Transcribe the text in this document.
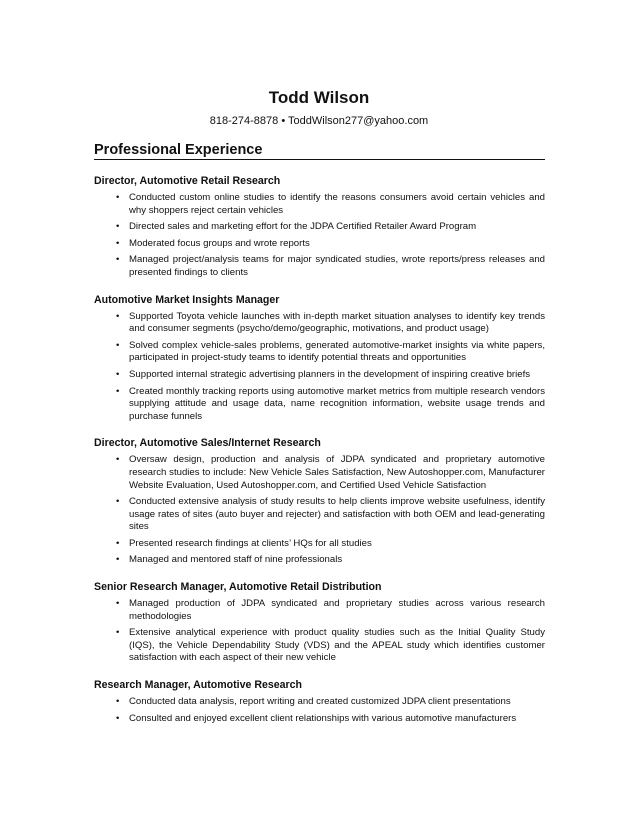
Todd Wilson
818-274-8878 • ToddWilson277@yahoo.com
Professional Experience
Director, Automotive Retail Research
• Conducted custom online studies to identify the reasons consumers avoid certain vehicles and why shoppers reject certain vehicles
• Directed sales and marketing effort for the JDPA Certified Retailer Award Program
• Moderated focus groups and wrote reports
• Managed project/analysis teams for major syndicated studies, wrote reports/press releases and presented findings to clients
Automotive Market Insights Manager
• Supported Toyota vehicle launches with in-depth market situation analyses to identify key trends and consumer segments (psycho/demo/geographic, motivations, and product usage)
• Solved complex vehicle-sales problems, generated automotive-market insights via white papers, participated in project-study teams to identify potential threats and opportunities
• Supported internal strategic advertising planners in the development of inspiring creative briefs
• Created monthly tracking reports using automotive market metrics from multiple research vendors supplying attitude and usage data, name recognition information, website usage trends and purchase funnels
Director, Automotive Sales/Internet Research
• Oversaw design, production and analysis of JDPA syndicated and proprietary automotive research studies to include: New Vehicle Sales Satisfaction, New Autoshopper.com, Manufacturer Website Evaluation, Used Autoshopper.com, and Certified Used Vehicle Satisfaction
• Conducted extensive analysis of study results to help clients improve website usefulness, identify usage rates of sites (auto buyer and rejecter) and satisfaction with both OEM and lead-generating sites
• Presented research findings at clients’ HQs for all studies
• Managed and mentored staff of nine professionals
Senior Research Manager, Automotive Retail Distribution
• Managed production of JDPA syndicated and proprietary studies across various research methodologies
• Extensive analytical experience with product quality studies such as the Initial Quality Study (IQS), the Vehicle Dependability Study (VDS) and the APEAL study which identifies customer satisfaction with each aspect of their new vehicle
Research Manager, Automotive Research
• Conducted data analysis, report writing and created customized JDPA client presentations
• Consulted and enjoyed excellent client relationships with various automotive manufacturers
